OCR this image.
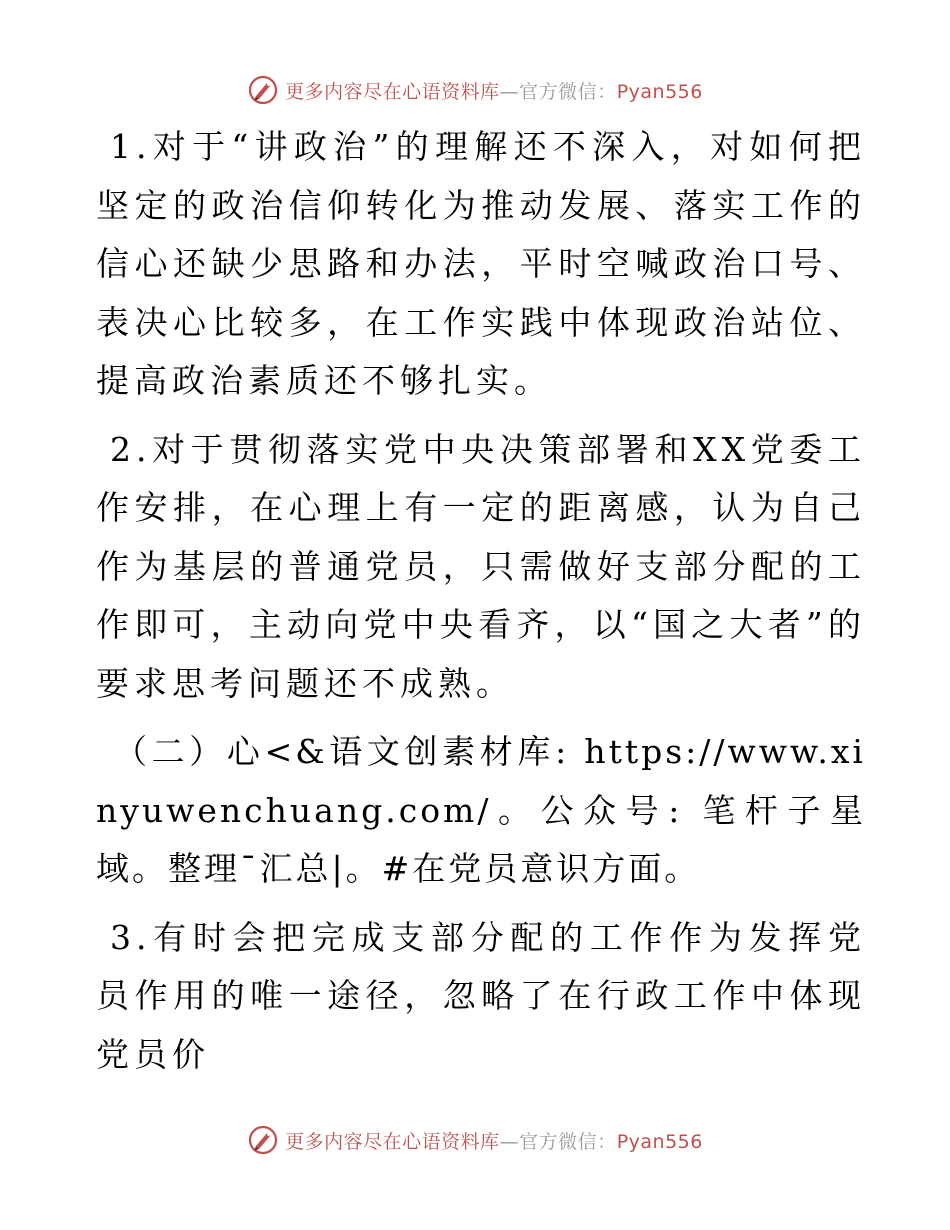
更多内容尽在心语资料库—官方微信：Pyan556

1.对于“讲政治”的理解还不深入，对如何把坚定的政治信仰转化为推动发展、落实工作的信心还缺少思路和办法，平时空喊政治口号、表决心比较多，在工作实践中体现政治站位、提高政治素质还不够扎实。

2.对于贯彻落实党中央决策部署和XX党委工作安排，在心理上有一定的距离感，认为自己作为基层的普通党员，只需做好支部分配的工作即可，主动向党中央看齐，以“国之大者”的要求思考问题还不成熟。

（二）心<&语文创素材库: https://www.xinyuwenchuang.com/。公众号: 笔杆子星域。整理¯汇总|。#在党员意识方面。

3.有时会把完成支部分配的工作作为发挥党员作用的唯一途径，忽略了在行政工作中体现党员价

更多内容尽在心语资料库—官方微信：Pyan556
